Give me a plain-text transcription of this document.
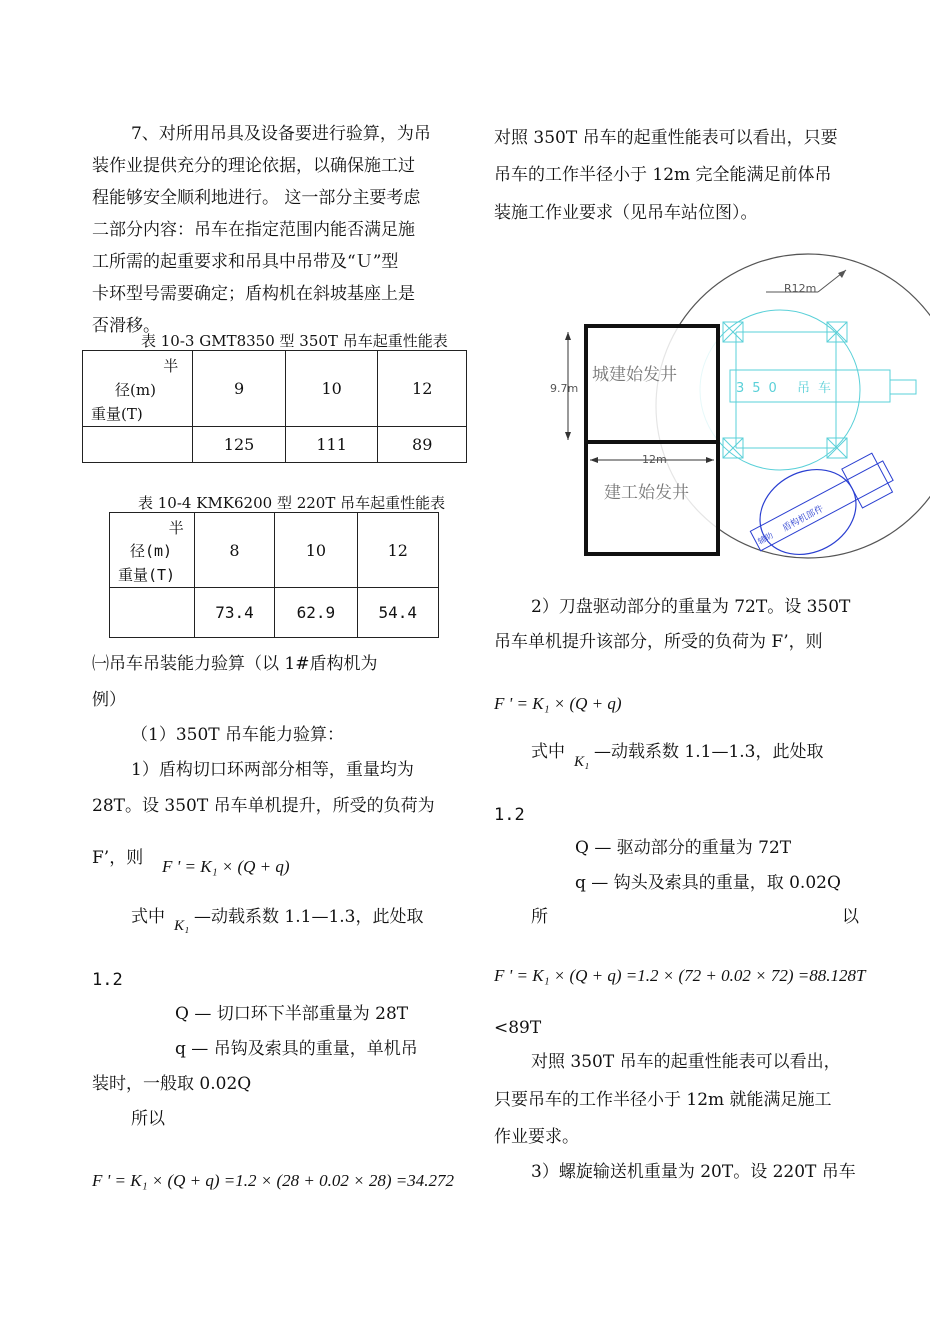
7、对所用吊具及设备要进行验算，为吊
装作业提供充分的理论依据，以确保施工过
程能够安全顺利地进行。 这一部分主要考虑
二部分内容：吊车在指定范围内能否满足施
工所需的起重要求和吊具中吊带及“Ｕ”型
卡环型号需要确定；盾构机在斜坡基座上是
否滑移。
表 10-3 GMT8350 型 350T 吊车起重性能表
半
径(m)
重量(T)	9	10	12
	125	111	89
表 10-4 KMK6200 型 220T 吊车起重性能表
半
径(m)
重量(T)	8	10	12
	73.4	62.9	54.4
㈠吊车吊装能力验算（以 1#盾构机为
例）
（1）350T 吊车能力验算：
1）盾构切口环两部分相等，重量均为
28T。设 350T 吊车单机提升，所受的负荷为
F’，则 F ' = K₁ × (Q + q)
式中 K₁ —动载系数 1.1—1.3，此处取
1.2
Q — 切口环下半部重量为 28T
q — 吊钩及索具的重量，单机吊
装时，一般取 0.02Q
所以
F ' = K₁ × (Q + q) =1.2 × (28 + 0.02 × 28) =34.272
对照 350T 吊车的起重性能表可以看出，只要
吊车的工作半径小于 12m 完全能满足前体吊
装施工作业要求（见吊车站位图）。
R12m
350 吊车
城建始发井
建工始发井
9.7m
12m
盾构机部件
辅助
2）刀盘驱动部分的重量为 72T。设 350T
吊车单机提升该部分，所受的负荷为 F’，则
F ' = K₁ × (Q + q)
式中 K₁ —动载系数 1.1—1.3，此处取
1.2
Q — 驱动部分的重量为 72T
q — 钩头及索具的重量，取 0.02Q
所	以
F ' = K₁ × (Q + q) =1.2 × (72 + 0.02 × 72) =88.128T
<89T
对照 350T 吊车的起重性能表可以看出，
只要吊车的工作半径小于 12m 就能满足施工
作业要求。
3）螺旋输送机重量为 20T。设 220T 吊车
